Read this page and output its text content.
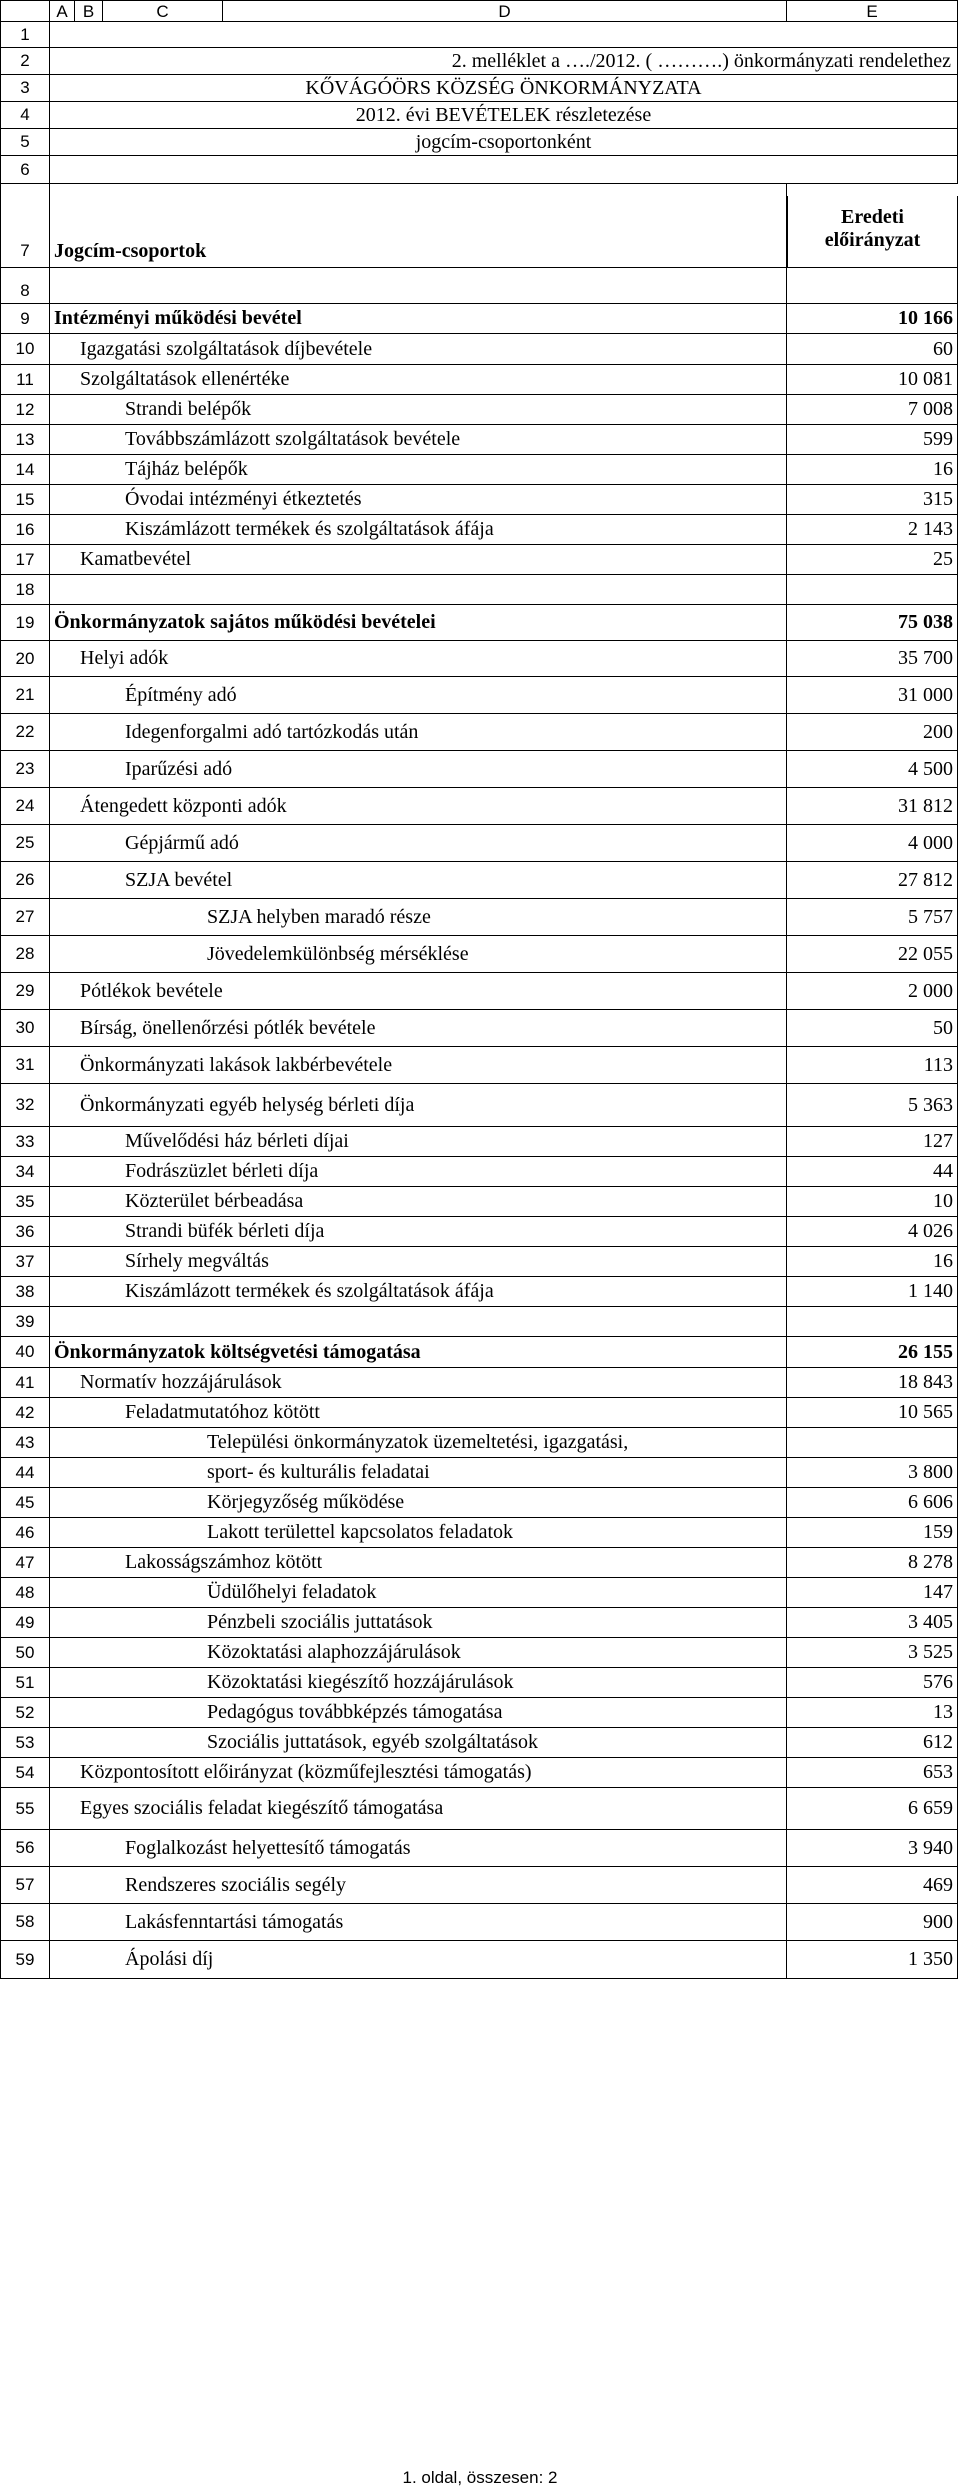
A B	C	D	E
1
2	2. melléklet a …./2012. ( ……….) önkormányzati rendelethez
3	KŐVÁGÓÖRS KÖZSÉG ÖNKORMÁNYZATA
4	2012. évi BEVÉTELEK részletezése
5	jogcím-csoportonként
6
7	Jogcím-csoportok
Eredeti
előirányzat
8
9	Intézményi működési bevétel	10 166
10	Igazgatási szolgáltatások díjbevétele	60
11	Szolgáltatások ellenértéke	10 081
12	Strandi belépők	7 008
13	Továbbszámlázott szolgáltatások bevétele	599
14	Tájház belépők	16
15	Óvodai intézményi étkeztetés	315
16	Kiszámlázott termékek és szolgáltatások áfája	2 143
17	Kamatbevétel	25
18
19 Önkormányzatok sajátos működési bevételei	75 038
20	Helyi adók	35 700
21	Építmény adó	31 000
22	Idegenforgalmi adó tartózkodás után	200
23	Iparűzési adó	4 500
24	Átengedett központi adók	31 812
25	Gépjármű adó	4 000
26	SZJA bevétel	27 812
27	SZJA helyben maradó része	5 757
28	Jövedelemkülönbség mérséklése	22 055
29	Pótlékok bevétele	2 000
30	Bírság, önellenőrzési pótlék bevétele	50
31	Önkormányzati lakások lakbérbevétele	113
32	Önkormányzati egyéb helység bérleti díja	5 363
33	Művelődési ház bérleti díjai	127
34	Fodrászüzlet bérleti díja	44
35	Közterület bérbeadása	10
36	Strandi büfék bérleti díja	4 026
37	Sírhely megváltás	16
38	Kiszámlázott termékek és szolgáltatások áfája	1 140
39
40 Önkormányzatok költségvetési támogatása	26 155
41	Normatív hozzájárulások	18 843
42	Feladatmutatóhoz kötött	10 565
43	Települési önkormányzatok üzemeltetési, igazgatási,
44	sport- és kulturális feladatai	3 800
45	Körjegyzőség működése	6 606
46	Lakott területtel kapcsolatos feladatok	159
47	Lakosságszámhoz kötött	8 278
48	Üdülőhelyi feladatok	147
49	Pénzbeli szociális juttatások	3 405
50	Közoktatási alaphozzájárulások	3 525
51	Közoktatási kiegészítő hozzájárulások	576
52	Pedagógus továbbképzés támogatása	13
53	Szociális juttatások, egyéb szolgáltatások	612
54	Központosított előirányzat (közműfejlesztési támogatás)	653
55	Egyes szociális feladat kiegészítő támogatása	6 659
56	Foglalkozást helyettesítő támogatás	3 940
57	Rendszeres szociális segély	469
58	Lakásfenntartási támogatás	900
59	Ápolási díj	1 350
1. oldal, összesen: 2
